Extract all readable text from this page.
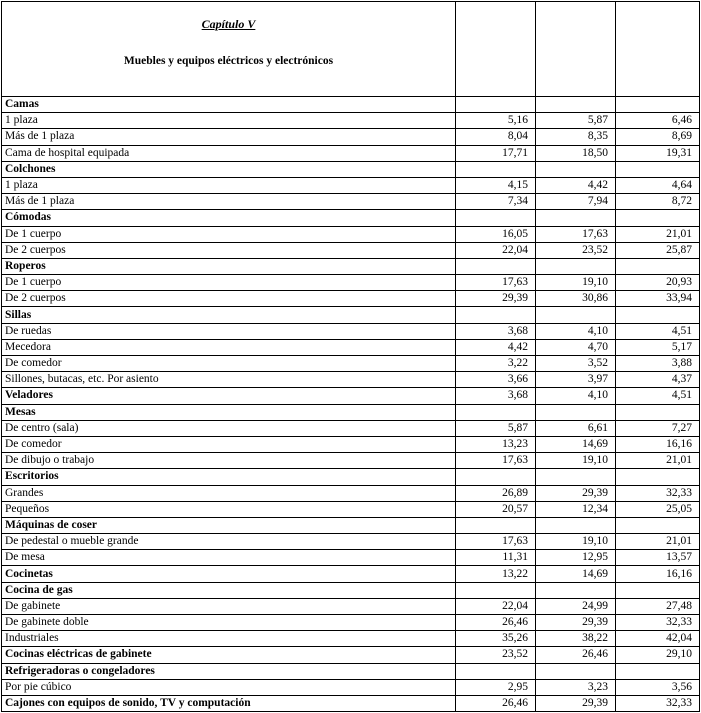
Capítulo V
Muebles y equipos eléctricos y electrónicos			

Camas			
1 plaza	5,16	5,87	6,46
Más de 1 plaza	8,04	8,35	8,69
Cama de hospital equipada	17,71	18,50	19,31
Colchones			
1 plaza	4,15	4,42	4,64
Más de 1 plaza	7,34	7,94	8,72
Cómodas			
De 1 cuerpo	16,05	17,63	21,01
De 2 cuerpos	22,04	23,52	25,87
Roperos			
De 1 cuerpo	17,63	19,10	20,93
De 2 cuerpos	29,39	30,86	33,94
Sillas			
De ruedas	3,68	4,10	4,51
Mecedora	4,42	4,70	5,17
De comedor	3,22	3,52	3,88
Sillones, butacas, etc. Por asiento	3,66	3,97	4,37
Veladores	3,68	4,10	4,51
Mesas			
De centro (sala)	5,87	6,61	7,27
De comedor	13,23	14,69	16,16
De dibujo o trabajo	17,63	19,10	21,01
Escritorios			
Grandes	26,89	29,39	32,33
Pequeños	20,57	12,34	25,05
Máquinas de coser			
De pedestal o mueble grande	17,63	19,10	21,01
De mesa	11,31	12,95	13,57
Cocinetas	13,22	14,69	16,16
Cocina de gas			
De gabinete	22,04	24,99	27,48
De gabinete doble	26,46	29,39	32,33
Industriales	35,26	38,22	42,04
Cocinas eléctricas de gabinete	23,52	26,46	29,10
Refrigeradoras o congeladores			
Por pie cúbico	2,95	3,23	3,56
Cajones con equipos de sonido, TV y computación	26,46	29,39	32,33
